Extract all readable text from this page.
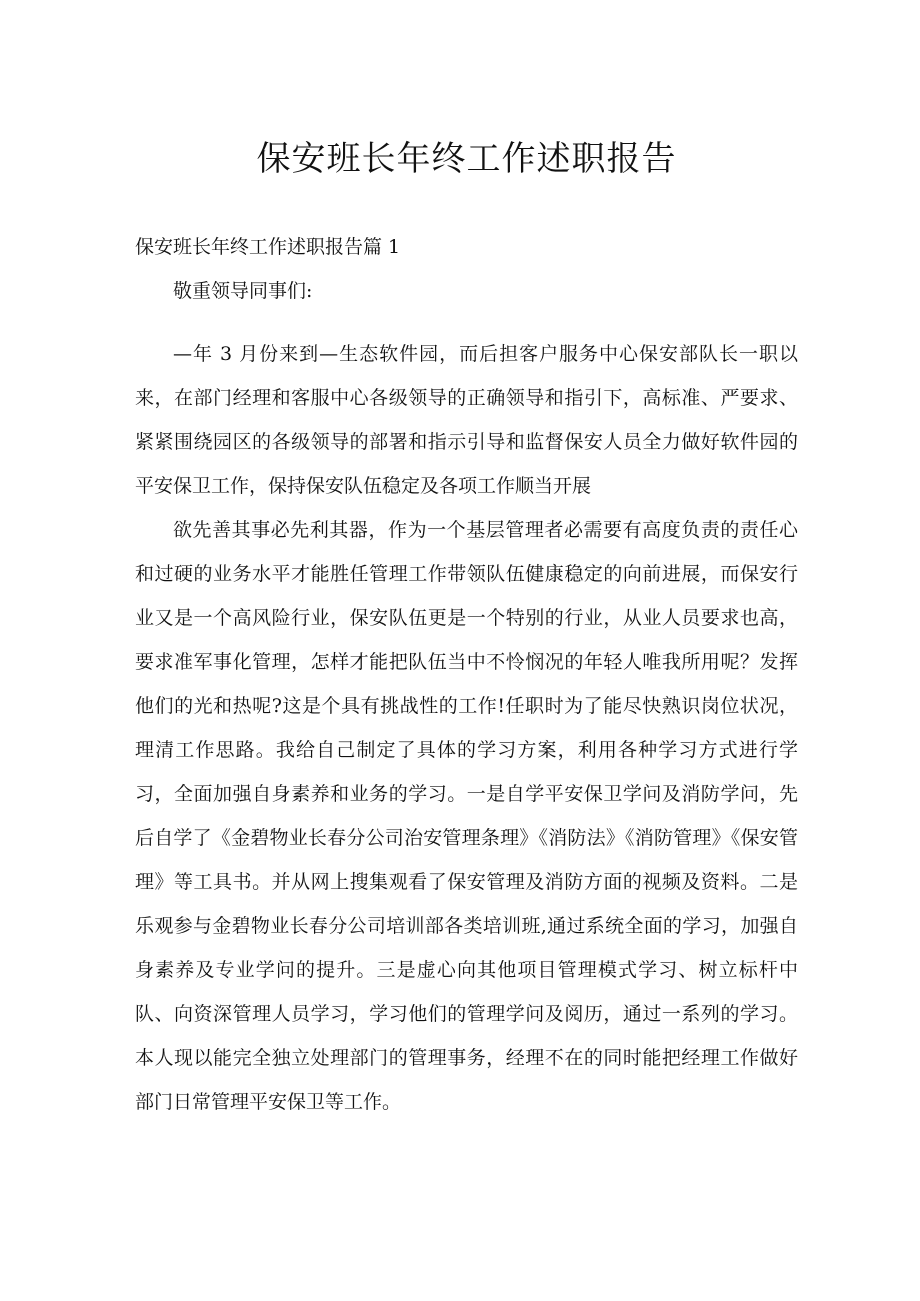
保安班长年终工作述职报告

保安班长年终工作述职报告篇 1

敬重领导同事们:

—年 3 月份来到—生态软件园，而后担客户服务中心保安部队长一职以来，在部门经理和客服中心各级领导的正确领导和指引下，高标准、严要求、紧紧围绕园区的各级领导的部署和指示引导和监督保安人员全力做好软件园的平安保卫工作，保持保安队伍稳定及各项工作顺当开展

欲先善其事必先利其器，作为一个基层管理者必需要有高度负责的责任心和过硬的业务水平才能胜任管理工作带领队伍健康稳定的向前进展，而保安行业又是一个高风险行业，保安队伍更是一个特别的行业，从业人员要求也高，要求准军事化管理，怎样才能把队伍当中不怜悯况的年轻人唯我所用呢？发挥他们的光和热呢?这是个具有挑战性的工作!任职时为了能尽快熟识岗位状况，理清工作思路。我给自己制定了具体的学习方案，利用各种学习方式进行学习，全面加强自身素养和业务的学习。一是自学平安保卫学问及消防学问，先后自学了《金碧物业长春分公司治安管理条理》《消防法》《消防管理》《保安管理》等工具书。并从网上搜集观看了保安管理及消防方面的视频及资料。二是乐观参与金碧物业长春分公司培训部各类培训班,通过系统全面的学习，加强自身素养及专业学问的提升。三是虚心向其他项目管理模式学习、树立标杆中队、向资深管理人员学习，学习他们的管理学问及阅历，通过一系列的学习。本人现以能完全独立处理部门的管理事务，经理不在的同时能把经理工作做好部门日常管理平安保卫等工作。
